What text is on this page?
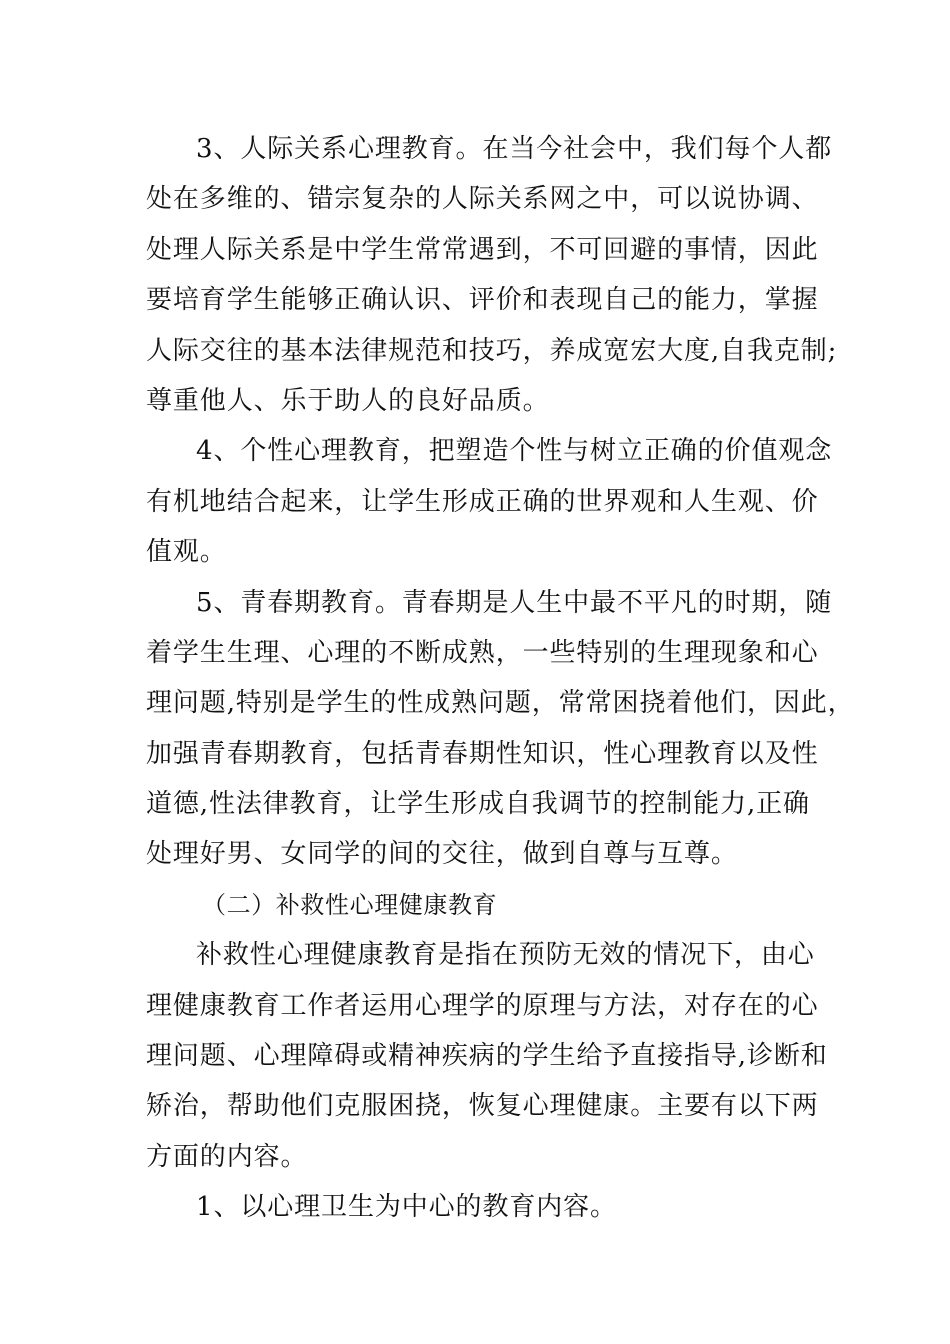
3、人际关系心理教育。在当今社会中，我们每个人都
处在多维的、错宗复杂的人际关系网之中，可以说协调、
处理人际关系是中学生常常遇到，不可回避的事情，因此
要培育学生能够正确认识、评价和表现自己的能力，掌握
人际交往的基本法律规范和技巧，养成宽宏大度,自我克制;
尊重他人、乐于助人的良好品质。
4、个性心理教育，把塑造个性与树立正确的价值观念
有机地结合起来，让学生形成正确的世界观和人生观、价
值观。
5、青春期教育。青春期是人生中最不平凡的时期，随
着学生生理、心理的不断成熟，一些特别的生理现象和心
理问题,特别是学生的性成熟问题，常常困挠着他们，因此，
加强青春期教育，包括青春期性知识，性心理教育以及性
道德,性法律教育，让学生形成自我调节的控制能力,正确
处理好男、女同学的间的交往，做到自尊与互尊。
（二）补救性心理健康教育
补救性心理健康教育是指在预防无效的情况下，由心
理健康教育工作者运用心理学的原理与方法，对存在的心
理问题、心理障碍或精神疾病的学生给予直接指导,诊断和
矫治，帮助他们克服困挠，恢复心理健康。主要有以下两
方面的内容。
1、以心理卫生为中心的教育内容。
